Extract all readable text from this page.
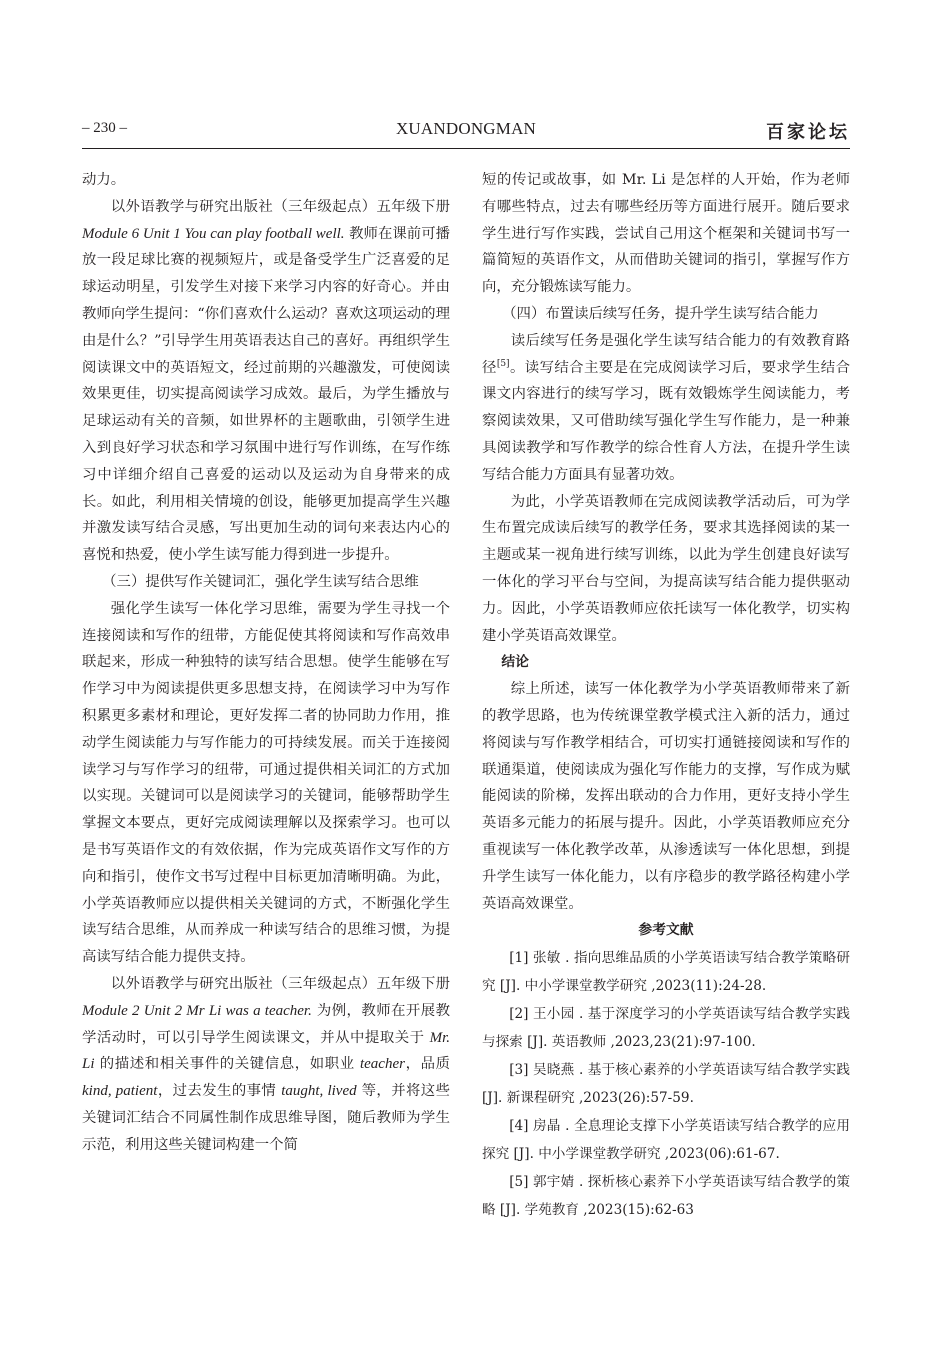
– 230 –	XUANDONGMAN	百家论坛

动力。

以外语教学与研究出版社（三年级起点）五年级下册 Module 6 Unit 1 You can play football well. 教师在课前可播放一段足球比赛的视频短片，或是备受学生广泛喜爱的足球运动明星，引发学生对接下来学习内容的好奇心。并由教师向学生提问：“你们喜欢什么运动？喜欢这项运动的理由是什么？”引导学生用英语表达自己的喜好。再组织学生阅读课文中的英语短文，经过前期的兴趣激发，可使阅读效果更佳，切实提高阅读学习成效。最后，为学生播放与足球运动有关的音频，如世界杯的主题歌曲，引领学生进入到良好学习状态和学习氛围中进行写作训练，在写作练习中详细介绍自己喜爱的运动以及运动为自身带来的成长。如此，利用相关情境的创设，能够更加提高学生兴趣并激发读写结合灵感，写出更加生动的词句来表达内心的喜悦和热爱，使小学生读写能力得到进一步提升。

（三）提供写作关键词汇，强化学生读写结合思维

强化学生读写一体化学习思维，需要为学生寻找一个连接阅读和写作的纽带，方能促使其将阅读和写作高效串联起来，形成一种独特的读写结合思想。使学生能够在写作学习中为阅读提供更多思想支持，在阅读学习中为写作积累更多素材和理论，更好发挥二者的协同助力作用，推动学生阅读能力与写作能力的可持续发展。而关于连接阅读学习与写作学习的纽带，可通过提供相关词汇的方式加以实现。关键词可以是阅读学习的关键词，能够帮助学生掌握文本要点，更好完成阅读理解以及探索学习。也可以是书写英语作文的有效依据，作为完成英语作文写作的方向和指引，使作文书写过程中目标更加清晰明确。为此，小学英语教师应以提供相关关键词的方式，不断强化学生读写结合思维，从而养成一种读写结合的思维习惯，为提高读写结合能力提供支持。

以外语教学与研究出版社（三年级起点）五年级下册 Module 2 Unit 2 Mr Li was a teacher. 为例，教师在开展教学活动时，可以引导学生阅读课文，并从中提取关于 Mr. Li 的描述和相关事件的关键信息，如职业 teacher，品质 kind, patient，过去发生的事情 taught, lived 等，并将这些关键词汇结合不同属性制作成思维导图，随后教师为学生示范，利用这些关键词构建一个简

短的传记或故事，如 Mr. Li 是怎样的人开始，作为老师有哪些特点，过去有哪些经历等方面进行展开。随后要求学生进行写作实践，尝试自己用这个框架和关键词书写一篇简短的英语作文，从而借助关键词的指引，掌握写作方向，充分锻炼读写能力。

（四）布置读后续写任务，提升学生读写结合能力

读后续写任务是强化学生读写结合能力的有效教育路径[5]。读写结合主要是在完成阅读学习后，要求学生结合课文内容进行的续写学习，既有效锻炼学生阅读能力，考察阅读效果，又可借助续写强化学生写作能力，是一种兼具阅读教学和写作教学的综合性育人方法，在提升学生读写结合能力方面具有显著功效。

为此，小学英语教师在完成阅读教学活动后，可为学生布置完成读后续写的教学任务，要求其选择阅读的某一主题或某一视角进行续写训练，以此为学生创建良好读写一体化的学习平台与空间，为提高读写结合能力提供驱动力。因此，小学英语教师应依托读写一体化教学，切实构建小学英语高效课堂。

结论

综上所述，读写一体化教学为小学英语教师带来了新的教学思路，也为传统课堂教学模式注入新的活力，通过将阅读与写作教学相结合，可切实打通链接阅读和写作的联通渠道，使阅读成为强化写作能力的支撑，写作成为赋能阅读的阶梯，发挥出联动的合力作用，更好支持小学生英语多元能力的拓展与提升。因此，小学英语教师应充分重视读写一体化教学改革，从渗透读写一体化思想，到提升学生读写一体化能力，以有序稳步的教学路径构建小学英语高效课堂。

参考文献

[1] 张敏 . 指向思维品质的小学英语读写结合教学策略研究 [J]. 中小学课堂教学研究 ,2023(11):24-28.

[2] 王小园 . 基于深度学习的小学英语读写结合教学实践与探索 [J]. 英语教师 ,2023,23(21):97-100.

[3] 吴晓燕 . 基于核心素养的小学英语读写结合教学实践 [J]. 新课程研究 ,2023(26):57-59.

[4] 房晶 . 全息理论支撑下小学英语读写结合教学的应用探究 [J]. 中小学课堂教学研究 ,2023(06):61-67.

[5] 郭宇婧 . 探析核心素养下小学英语读写结合教学的策略 [J]. 学苑教育 ,2023(15):62-63
